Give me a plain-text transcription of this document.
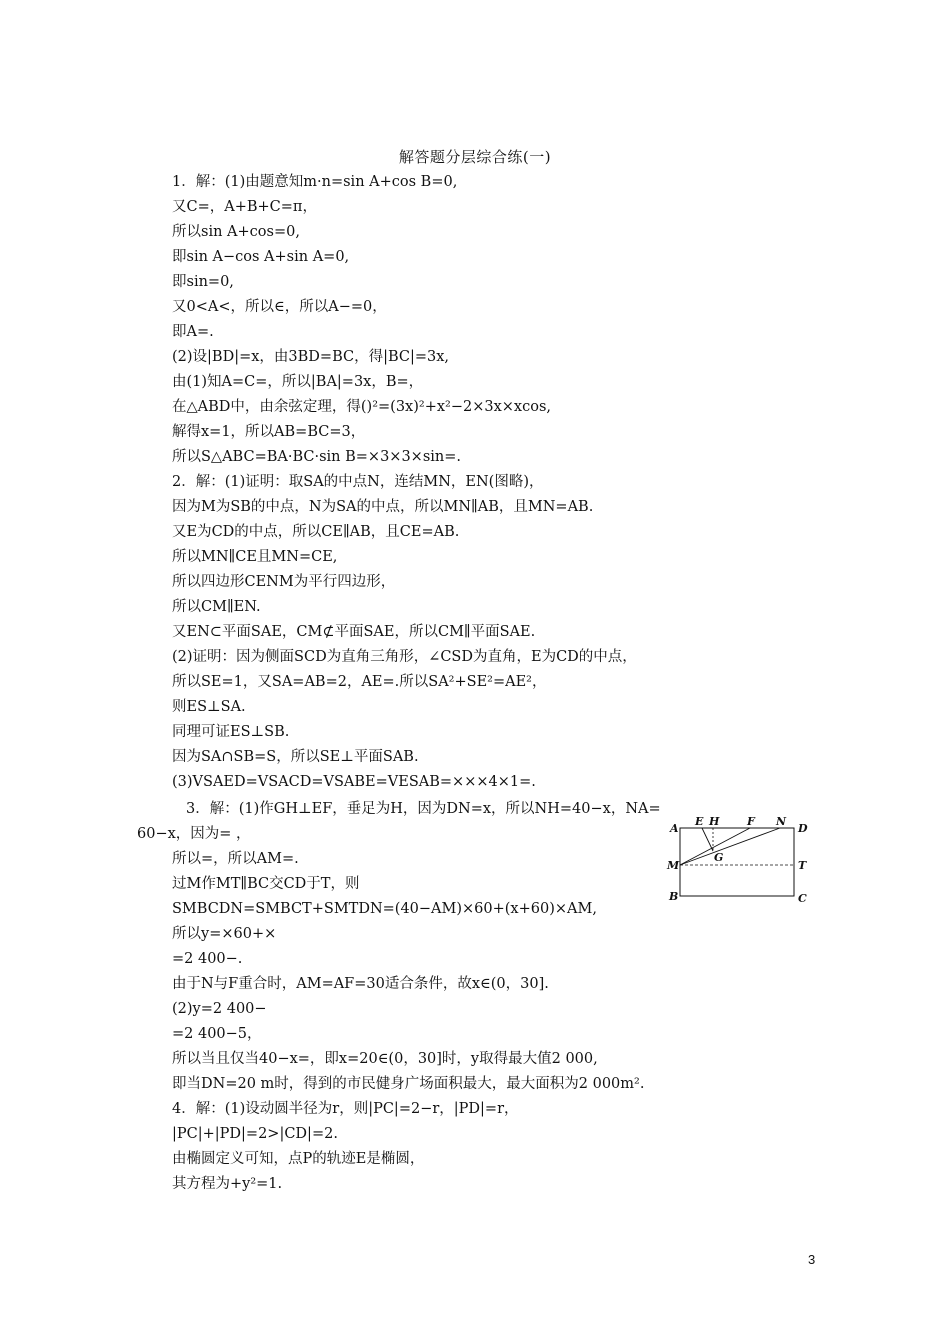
解答题分层综合练(一)
1．解：(1)由题意知m·n=sin A+cos B=0,
又C=，A+B+C=π，
所以sin A+cos=0,
即sin A−cos A+sin A=0,
即sin=0,
又0<A<，所以∈，所以A−=0，
即A=.
(2)设|BD|=x，由3BD=BC，得|BC|=3x,
由(1)知A=C=，所以|BA|=3x，B=，
在△ABD中，由余弦定理，得()²=(3x)²+x²−2×3x×xcos,
解得x=1，所以AB=BC=3，
所以S△ABC=BA·BC·sin B=×3×3×sin=.
2．解：(1)证明：取SA的中点N，连结MN，EN(图略)，
因为M为SB的中点，N为SA的中点，所以MN∥AB，且MN=AB.
又E为CD的中点，所以CE∥AB，且CE=AB.
所以MN∥CE且MN=CE,
所以四边形CENM为平行四边形，
所以CM∥EN.
又EN⊂平面SAE，CM⊄平面SAE，所以CM∥平面SAE.
(2)证明：因为侧面SCD为直角三角形，∠CSD为直角，E为CD的中点，
所以SE=1，又SA=AB=2，AE=.所以SA²+SE²=AE²，
则ES⊥SA.
同理可证ES⊥SB.
因为SA∩SB=S，所以SE⊥平面SAB.
(3)VSAED=VSACD=VSABE=VESAB=×××4×1=.
3．解：(1)作GH⊥EF，垂足为H，因为DN=x，所以NH=40−x，NA=
60−x，因为= ，
所以=，所以AM=.
过M作MT∥BC交CD于T，则
SMBCDN=SMBCT+SMTDN=(40−AM)×60+(x+60)×AM,
所以y=×60+×
=2 400−.
由于N与F重合时，AM=AF=30适合条件，故x∈(0，30].
(2)y=2 400−
=2 400−5，
所以当且仅当40−x=，即x=20∈(0，30]时，y取得最大值2 000,
即当DN=20 m时，得到的市民健身广场面积最大，最大面积为2 000m².
4．解：(1)设动圆半径为r，则|PC|=2−r，|PD|=r，
|PC|+|PD|=2>|CD|=2.
由椭圆定义可知，点P的轨迹E是椭圆，
其方程为+y²=1.
A
E H	F N
D
G
M	T
B	C
3
